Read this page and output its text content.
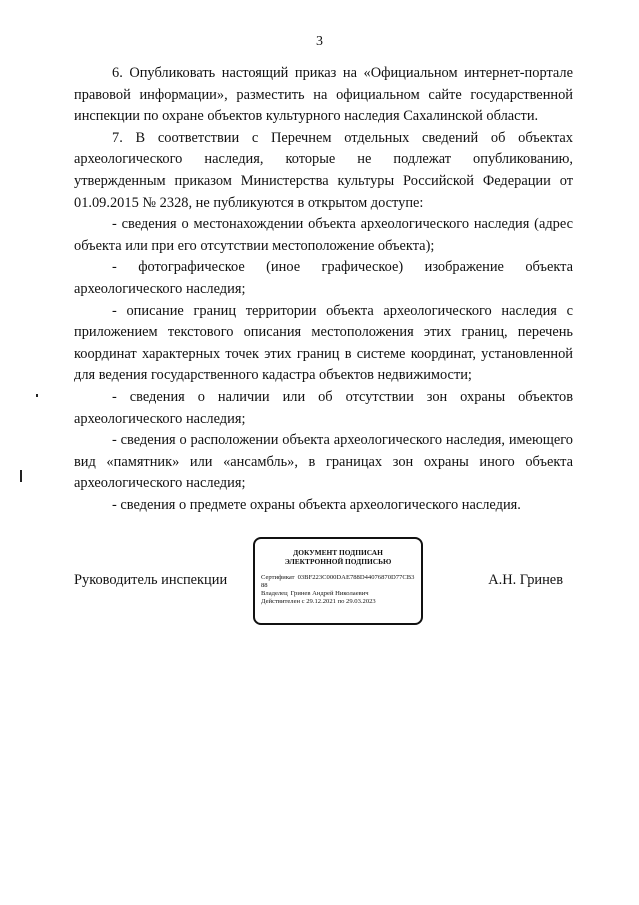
3

6. Опубликовать настоящий приказ на «Официальном интернет-портале правовой информации», разместить на официальном сайте государственной инспекции по охране объектов культурного наследия Сахалинской области.

7. В соответствии с Перечнем отдельных сведений об объектах археологического наследия, которые не подлежат опубликованию, утвержденным приказом Министерства культуры Российской Федерации от 01.09.2015 № 2328, не публикуются в открытом доступе:

- сведения о местонахождении объекта археологического наследия (адрес объекта или при его отсутствии местоположение объекта);

- фотографическое (иное графическое) изображение объекта археологического наследия;

- описание границ территории объекта археологического наследия с приложением текстового описания местоположения этих границ, перечень координат характерных точек этих границ в системе координат, установленной для ведения государственного кадастра объектов недвижимости;

- сведения о наличии или об отсутствии зон охраны объектов археологического наследия;

- сведения о расположении объекта археологического наследия, имеющего вид «памятник» или «ансамбль», в границах зон охраны иного объекта археологического наследия;

- сведения о предмете охраны объекта археологического наследия.

Руководитель инспекции	А.Н. Гринев
ДОКУМЕНТ ПОДПИСАН
ЭЛЕКТРОННОЙ ПОДПИСЬЮ
Сертификат 03BF223C000DAE788D44076870D77CB388
Владелец Гринев Андрей Николаевич
Действителен с 29.12.2021 по 29.03.2023
